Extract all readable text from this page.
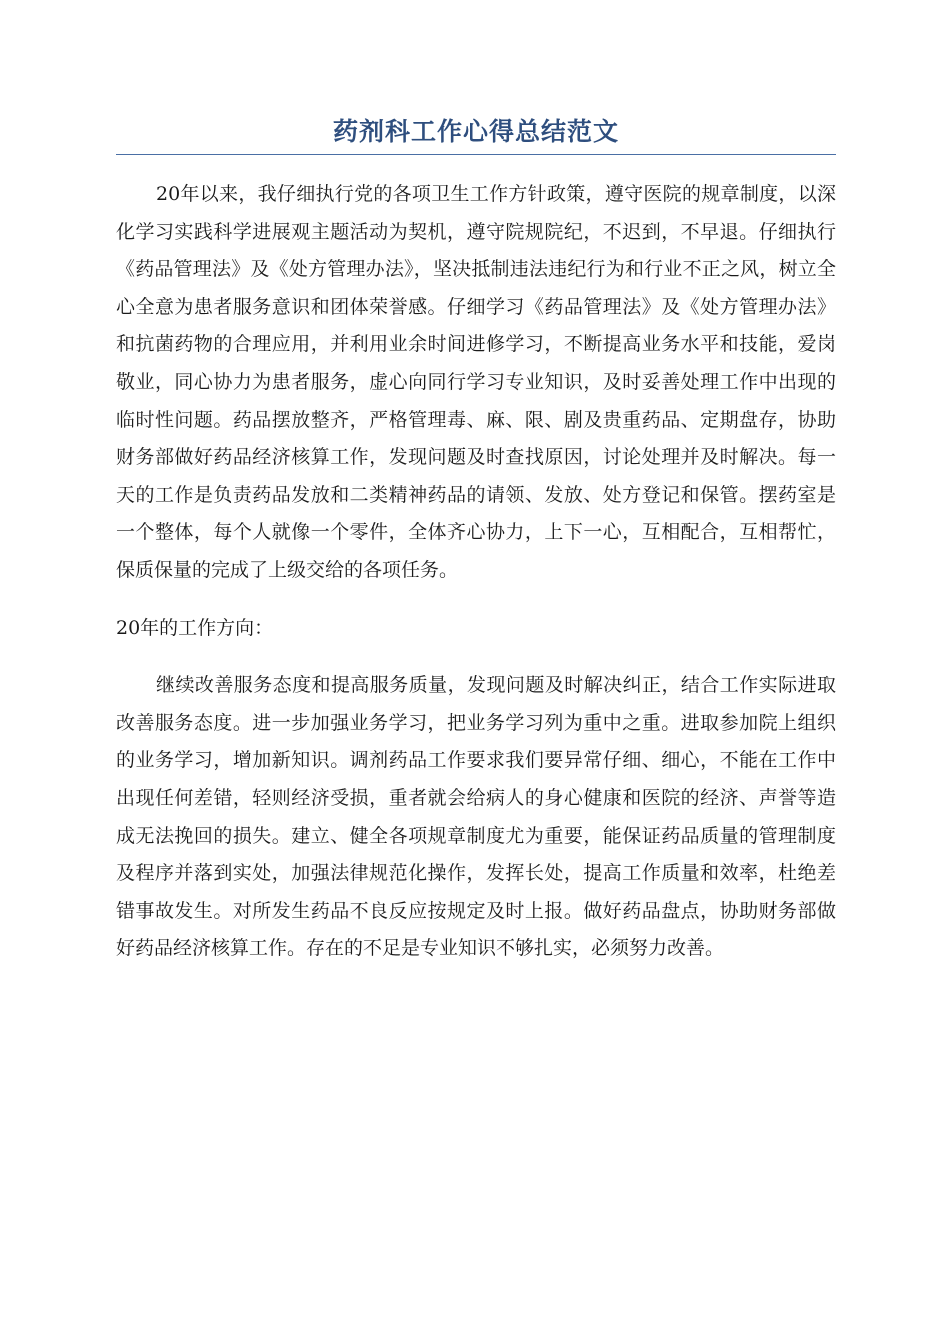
药剂科工作心得总结范文

20年以来，我仔细执行党的各项卫生工作方针政策，遵守医院的规章制度，以深化学习实践科学进展观主题活动为契机，遵守院规院纪，不迟到，不早退。仔细执行《药品管理法》及《处方管理办法》，坚决抵制违法违纪行为和行业不正之风，树立全心全意为患者服务意识和团体荣誉感。仔细学习《药品管理法》及《处方管理办法》和抗菌药物的合理应用，并利用业余时间进修学习，不断提高业务水平和技能，爱岗敬业，同心协力为患者服务，虚心向同行学习专业知识，及时妥善处理工作中出现的临时性问题。药品摆放整齐，严格管理毒、麻、限、剧及贵重药品、定期盘存，协助财务部做好药品经济核算工作，发现问题及时查找原因，讨论处理并及时解决。每一天的工作是负责药品发放和二类精神药品的请领、发放、处方登记和保管。摆药室是一个整体，每个人就像一个零件，全体齐心协力，上下一心，互相配合，互相帮忙，保质保量的完成了上级交给的各项任务。

20年的工作方向：

继续改善服务态度和提高服务质量，发现问题及时解决纠正，结合工作实际进取改善服务态度。进一步加强业务学习，把业务学习列为重中之重。进取参加院上组织的业务学习，增加新知识。调剂药品工作要求我们要异常仔细、细心，不能在工作中出现任何差错，轻则经济受损，重者就会给病人的身心健康和医院的经济、声誉等造成无法挽回的损失。建立、健全各项规章制度尤为重要，能保证药品质量的管理制度及程序并落到实处，加强法律规范化操作，发挥长处，提高工作质量和效率，杜绝差错事故发生。对所发生药品不良反应按规定及时上报。做好药品盘点，协助财务部做好药品经济核算工作。存在的不足是专业知识不够扎实，必须努力改善。
